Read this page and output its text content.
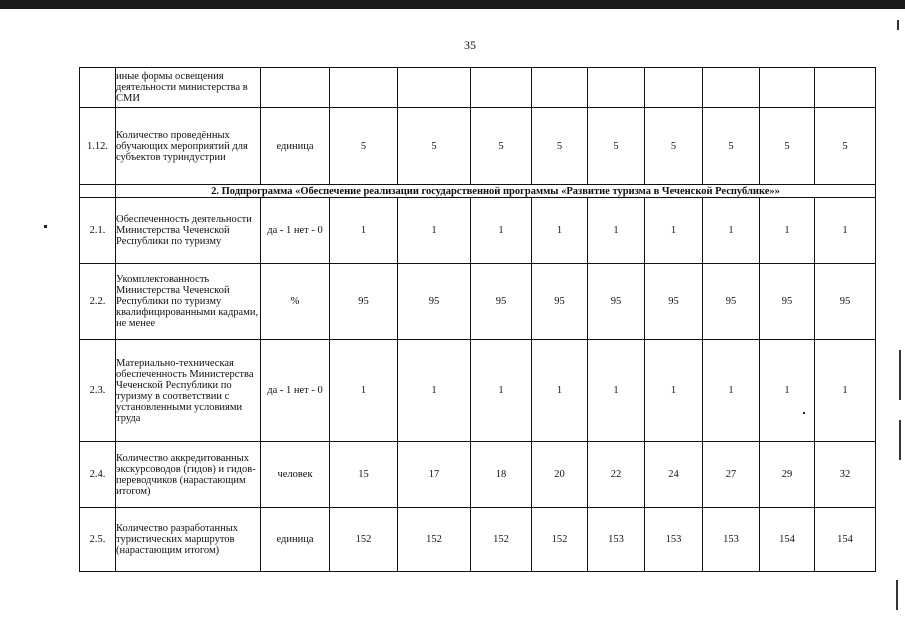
35
	иные формы освещения деятельности министерства в СМИ										
1.12.	Количество проведённых обучающих мероприятий для субъектов туриндустрии	единица	5	5	5	5	5	5	5	5	5
	2. Подпрограмма «Обеспечение реализации государственной программы «Развитие туризма в Чеченской Республике»»										
2.1.	Обеспеченность деятельности Министерства Чеченской Республики по туризму	да - 1 нет - 0	1	1	1	1	1	1	1	1	1
2.2.	Укомплектованность Министерства Чеченской Республики по туризму квалифицированными кадрами, не менее	%	95	95	95	95	95	95	95	95	95
2.3.	Материально-техническая обеспеченность Министерства Чеченской Республики по туризму в соответствии с установленными условиями труда	да - 1 нет - 0	1	1	1	1	1	1	1	1	1
2.4.	Количество аккредитованных экскурсоводов (гидов) и гидов-переводчиков (нарастающим итогом)	человек	15	17	18	20	22	24	27	29	32
2.5.	Количество разработанных туристических маршрутов (нарастающим итогом)	единица	152	152	152	152	153	153	153	154	154
